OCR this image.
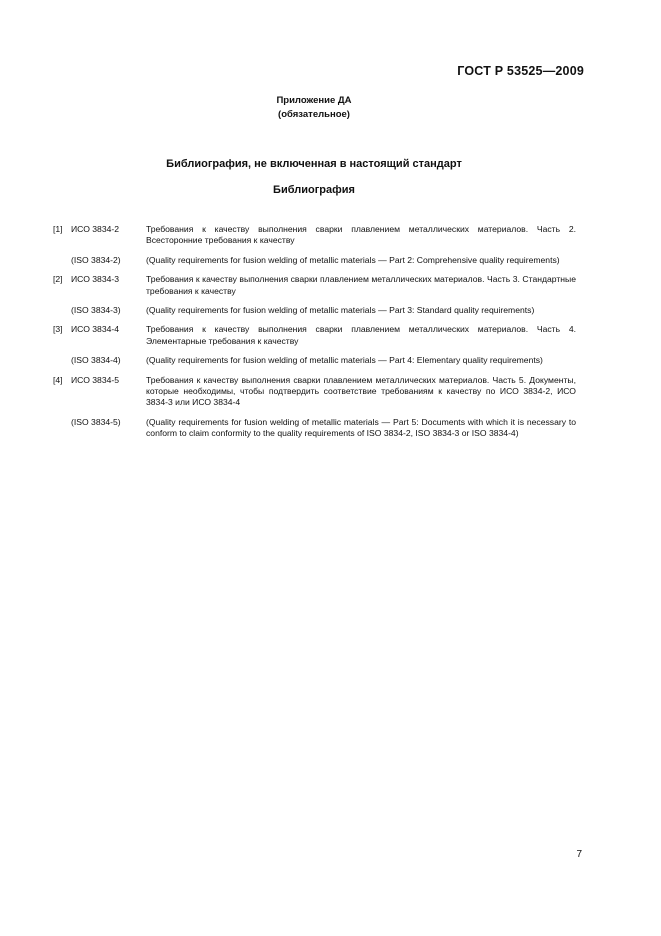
ГОСТ Р 53525—2009
Приложение ДА
(обязательное)
Библиография, не включенная в настоящий стандарт
Библиография
[1] ИСО 3834-2	Требования к качеству выполнения сварки плавлением металлических материалов. Часть 2. Всесторонние требования к качеству
(ISO 3834-2)	(Quality requirements for fusion welding of metallic materials — Part 2: Comprehensive quality requirements)
[2] ИСО 3834-3	Требования к качеству выполнения сварки плавлением металлических материалов. Часть 3. Стандартные требования к качеству
(ISO 3834-3)	(Quality requirements for fusion welding of metallic materials — Part 3: Standard quality requirements)
[3] ИСО 3834-4	Требования к качеству выполнения сварки плавлением металлических материалов. Часть 4. Элементарные требования к качеству
(ISO 3834-4)	(Quality requirements for fusion welding of metallic materials — Part 4: Elementary quality requirements)
[4] ИСО 3834-5	Требования к качеству выполнения сварки плавлением металлических материалов. Часть 5. Документы, которые необходимы, чтобы подтвердить соответствие требованиям к качеству по ИСО 3834-2, ИСО 3834-3 или ИСО 3834-4
(ISO 3834-5)	(Quality requirements for fusion welding of metallic materials — Part 5: Documents with which it is necessary to conform to claim conformity to the quality requirements of ISO 3834-2, ISO 3834-3 or ISO 3834-4)
7
